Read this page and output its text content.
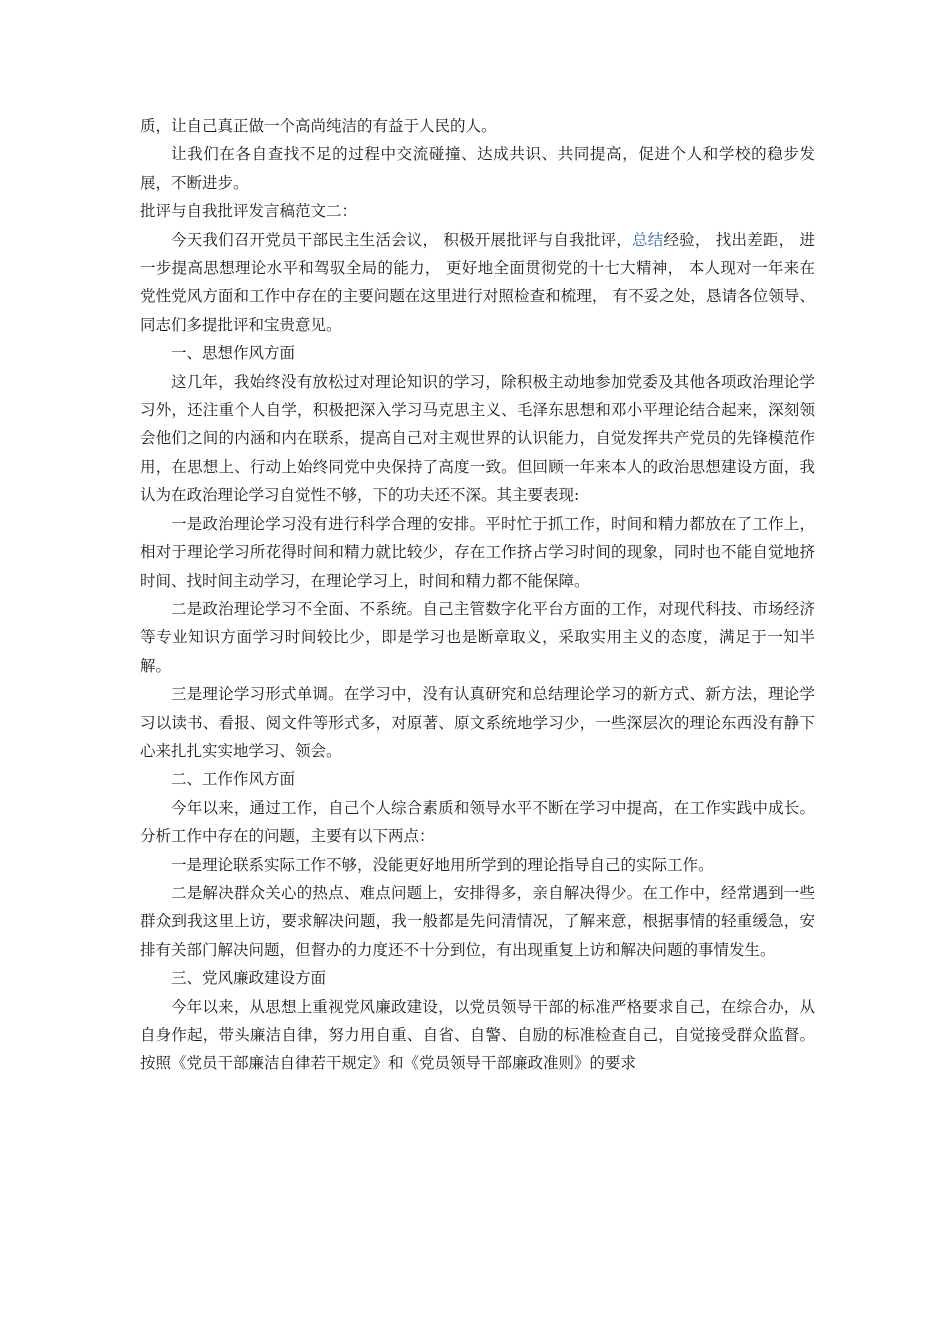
质，让自己真正做一个高尚纯洁的有益于人民的人。

让我们在各自查找不足的过程中交流碰撞、达成共识、共同提高，促进个人和学校的稳步发展，不断进步。

批评与自我批评发言稿范文二：

今天我们召开党员干部民主生活会议， 积极开展批评与自我批评，总结经验， 找出差距， 进一步提高思想理论水平和驾驭全局的能力， 更好地全面贯彻党的十七大精神， 本人现对一年来在党性党风方面和工作中存在的主要问题在这里进行对照检查和梳理， 有不妥之处，恳请各位领导、同志们多提批评和宝贵意见。

一、思想作风方面

这几年，我始终没有放松过对理论知识的学习，除积极主动地参加党委及其他各项政治理论学习外，还注重个人自学，积极把深入学习马克思主义、毛泽东思想和邓小平理论结合起来，深刻领会他们之间的内涵和内在联系，提高自己对主观世界的认识能力，自觉发挥共产党员的先锋模范作用，在思想上、行动上始终同党中央保持了高度一致。但回顾一年来本人的政治思想建设方面，我认为在政治理论学习自觉性不够，下的功夫还不深。其主要表现:

一是政治理论学习没有进行科学合理的安排。平时忙于抓工作，时间和精力都放在了工作上，相对于理论学习所花得时间和精力就比较少，存在工作挤占学习时间的现象，同时也不能自觉地挤时间、找时间主动学习，在理论学习上，时间和精力都不能保障。

二是政治理论学习不全面、不系统。自己主管数字化平台方面的工作，对现代科技、市场经济等专业知识方面学习时间较比少，即是学习也是断章取义，采取实用主义的态度，满足于一知半解。

三是理论学习形式单调。在学习中，没有认真研究和总结理论学习的新方式、新方法，理论学习以读书、看报、阅文件等形式多，对原著、原文系统地学习少，一些深层次的理论东西没有静下心来扎扎实实地学习、领会。

二、工作作风方面

今年以来，通过工作，自己个人综合素质和领导水平不断在学习中提高，在工作实践中成长。分析工作中存在的问题，主要有以下两点：

一是理论联系实际工作不够，没能更好地用所学到的理论指导自己的实际工作。

二是解决群众关心的热点、难点问题上，安排得多，亲自解决得少。在工作中，经常遇到一些群众到我这里上访，要求解决问题，我一般都是先问清情况，了解来意，根据事情的轻重缓急，安排有关部门解决问题，但督办的力度还不十分到位，有出现重复上访和解决问题的事情发生。

三、党风廉政建设方面

今年以来，从思想上重视党风廉政建设，以党员领导干部的标准严格要求自己，在综合办，从自身作起，带头廉洁自律，努力用自重、自省、自警、自励的标准检查自己，自觉接受群众监督。按照《党员干部廉洁自律若干规定》和《党员领导干部廉政准则》的要求
